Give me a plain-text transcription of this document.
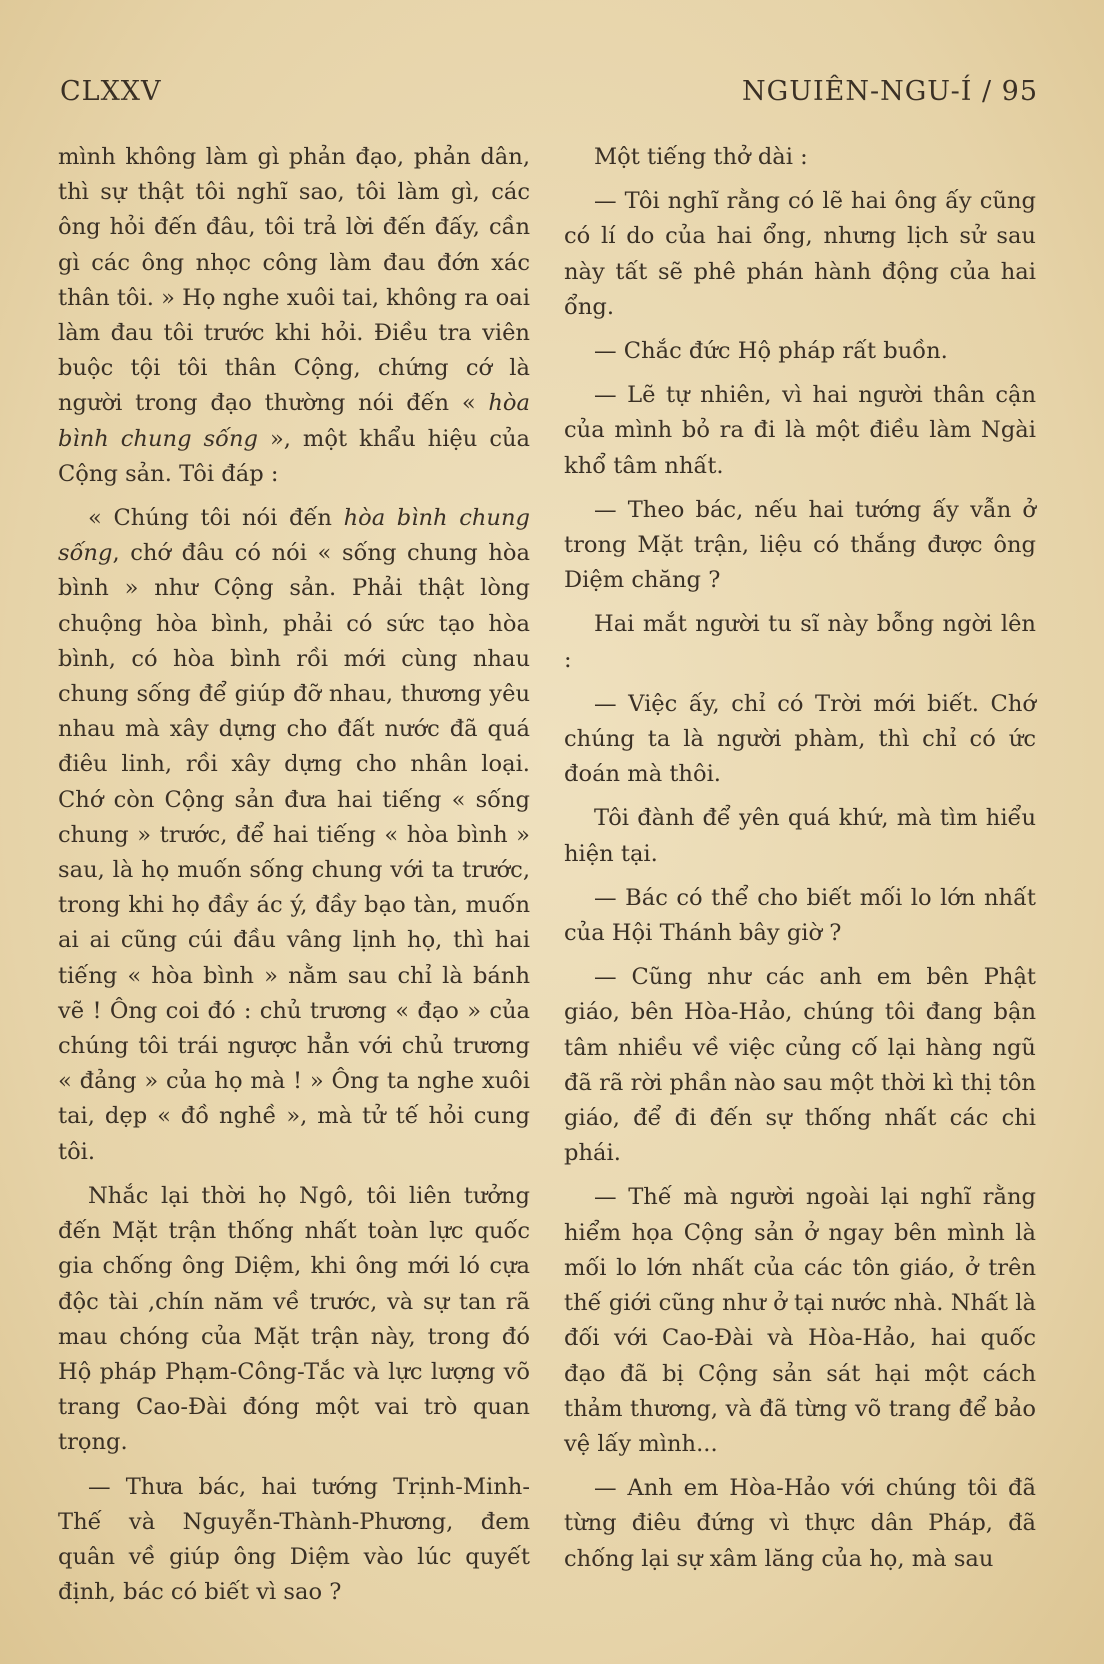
CLXXV	NGUIÊN-NGU-Í / 95

mình không làm gì phản đạo, phản dân, thì sự thật tôi nghĩ sao, tôi làm gì, các ông hỏi đến đâu, tôi trả lời đến đấy, cần gì các ông nhọc công làm đau đớn xác thân tôi. » Họ nghe xuôi tai, không ra oai làm đau tôi trước khi hỏi. Điều tra viên buộc tội tôi thân Cộng, chứng cớ là người trong đạo thường nói đến « hòa bình chung sống », một khẩu hiệu của Cộng sản. Tôi đáp :

« Chúng tôi nói đến hòa bình chung sống, chớ đâu có nói « sống chung hòa bình » như Cộng sản. Phải thật lòng chuộng hòa bình, phải có sức tạo hòa bình, có hòa bình rồi mới cùng nhau chung sống để giúp đỡ nhau, thương yêu nhau mà xây dựng cho đất nước đã quá điêu linh, rồi xây dựng cho nhân loại. Chớ còn Cộng sản đưa hai tiếng « sống chung » trước, để hai tiếng « hòa bình » sau, là họ muốn sống chung với ta trước, trong khi họ đầy ác ý, đầy bạo tàn, muốn ai ai cũng cúi đầu vâng lịnh họ, thì hai tiếng « hòa bình » nằm sau chỉ là bánh vẽ ! Ông coi đó : chủ trương « đạo » của chúng tôi trái ngược hẳn với chủ trương « đảng » của họ mà ! » Ông ta nghe xuôi tai, dẹp « đồ nghề », mà tử tế hỏi cung tôi.

Nhắc lại thời họ Ngô, tôi liên tưởng đến Mặt trận thống nhất toàn lực quốc gia chống ông Diệm, khi ông mới ló cựa độc tài ,chín năm về trước, và sự tan rã mau chóng của Mặt trận này, trong đó Hộ pháp Phạm-Công-Tắc và lực lượng võ trang Cao-Đài đóng một vai trò quan trọng.

— Thưa bác, hai tướng Trịnh-Minh-Thế và Nguyễn-Thành-Phương, đem quân về giúp ông Diệm vào lúc quyết định, bác có biết vì sao ?

Một tiếng thở dài :

— Tôi nghĩ rằng có lẽ hai ông ấy cũng có lí do của hai ổng, nhưng lịch sử sau này tất sẽ phê phán hành động của hai ổng.

— Chắc đức Hộ pháp rất buồn.

— Lẽ tự nhiên, vì hai người thân cận của mình bỏ ra đi là một điều làm Ngài khổ tâm nhất.

— Theo bác, nếu hai tướng ấy vẫn ở trong Mặt trận, liệu có thắng được ông Diệm chăng ?

Hai mắt người tu sĩ này bỗng ngời lên :

— Việc ấy, chỉ có Trời mới biết. Chớ chúng ta là người phàm, thì chỉ có ức đoán mà thôi.

Tôi đành để yên quá khứ, mà tìm hiểu hiện tại.

— Bác có thể cho biết mối lo lớn nhất của Hội Thánh bây giờ ?

— Cũng như các anh em bên Phật giáo, bên Hòa-Hảo, chúng tôi đang bận tâm nhiều về việc củng cố lại hàng ngũ đã rã rời phần nào sau một thời kì thị tôn giáo, để đi đến sự thống nhất các chi phái.

— Thế mà người ngoài lại nghĩ rằng hiểm họa Cộng sản ở ngay bên mình là mối lo lớn nhất của các tôn giáo, ở trên thế giới cũng như ở tại nước nhà. Nhất là đối với Cao-Đài và Hòa-Hảo, hai quốc đạo đã bị Cộng sản sát hại một cách thảm thương, và đã từng võ trang để bảo vệ lấy mình...

— Anh em Hòa-Hảo với chúng tôi đã từng điêu đứng vì thực dân Pháp, đã chống lại sự xâm lăng của họ, mà sau
